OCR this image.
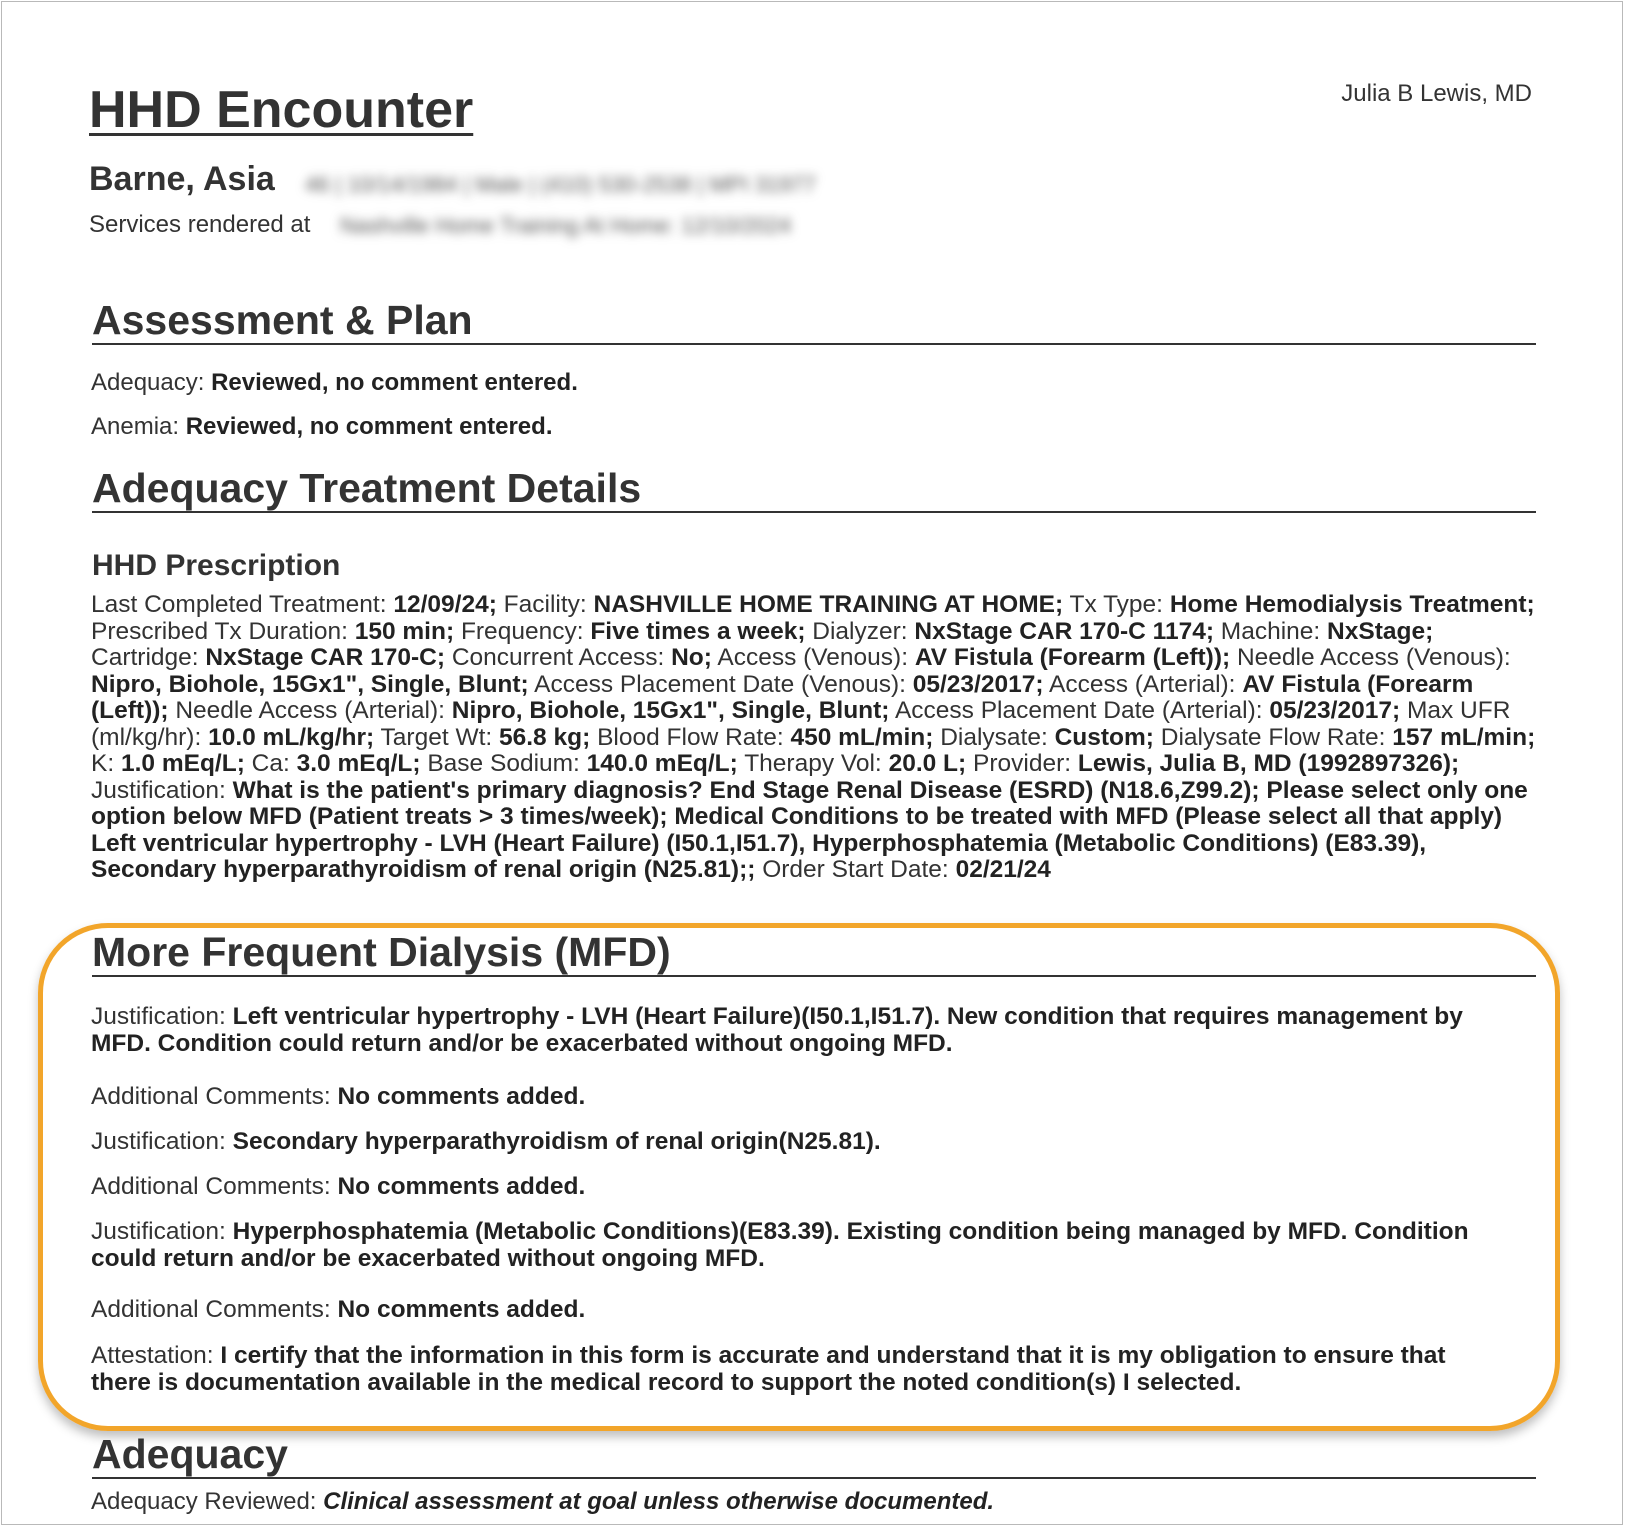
HHD Encounter	Julia B Lewis, MD
Barne, Asia 46 | 10/14/1984 | Male | (410) 530-2538 | MPI 31977
Services rendered at Nashville Home Training At Home: 12/10/2024
Assessment & Plan
Adequacy: Reviewed, no comment entered.
Anemia: Reviewed, no comment entered.
Adequacy Treatment Details
HHD Prescription
Last Completed Treatment: 12/09/24; Facility: NASHVILLE HOME TRAINING AT HOME; Tx Type: Home Hemodialysis Treatment; Prescribed Tx Duration: 150 min; Frequency: Five times a week; Dialyzer: NxStage CAR 170-C 1174; Machine: NxStage; Cartridge: NxStage CAR 170-C; Concurrent Access: No; Access (Venous): AV Fistula (Forearm (Left)); Needle Access (Venous): Nipro, Biohole, 15Gx1", Single, Blunt; Access Placement Date (Venous): 05/23/2017; Access (Arterial): AV Fistula (Forearm (Left)); Needle Access (Arterial): Nipro, Biohole, 15Gx1", Single, Blunt; Access Placement Date (Arterial): 05/23/2017; Max UFR (ml/kg/hr): 10.0 mL/kg/hr; Target Wt: 56.8 kg; Blood Flow Rate: 450 mL/min; Dialysate: Custom; Dialysate Flow Rate: 157 mL/min; K: 1.0 mEq/L; Ca: 3.0 mEq/L; Base Sodium: 140.0 mEq/L; Therapy Vol: 20.0 L; Provider: Lewis, Julia B, MD (1992897326); Justification: What is the patient's primary diagnosis? End Stage Renal Disease (ESRD) (N18.6,Z99.2); Please select only one option below MFD (Patient treats > 3 times/week); Medical Conditions to be treated with MFD (Please select all that apply) Left ventricular hypertrophy - LVH (Heart Failure) (I50.1,I51.7), Hyperphosphatemia (Metabolic Conditions) (E83.39), Secondary hyperparathyroidism of renal origin (N25.81);; Order Start Date: 02/21/24
More Frequent Dialysis (MFD)
Justification: Left ventricular hypertrophy - LVH (Heart Failure)(I50.1,I51.7). New condition that requires management by MFD. Condition could return and/or be exacerbated without ongoing MFD.
Additional Comments: No comments added.
Justification: Secondary hyperparathyroidism of renal origin(N25.81).
Additional Comments: No comments added.
Justification: Hyperphosphatemia (Metabolic Conditions)(E83.39). Existing condition being managed by MFD. Condition could return and/or be exacerbated without ongoing MFD.
Additional Comments: No comments added.
Attestation: I certify that the information in this form is accurate and understand that it is my obligation to ensure that there is documentation available in the medical record to support the noted condition(s) I selected.
Adequacy
Adequacy Reviewed: Clinical assessment at goal unless otherwise documented.
